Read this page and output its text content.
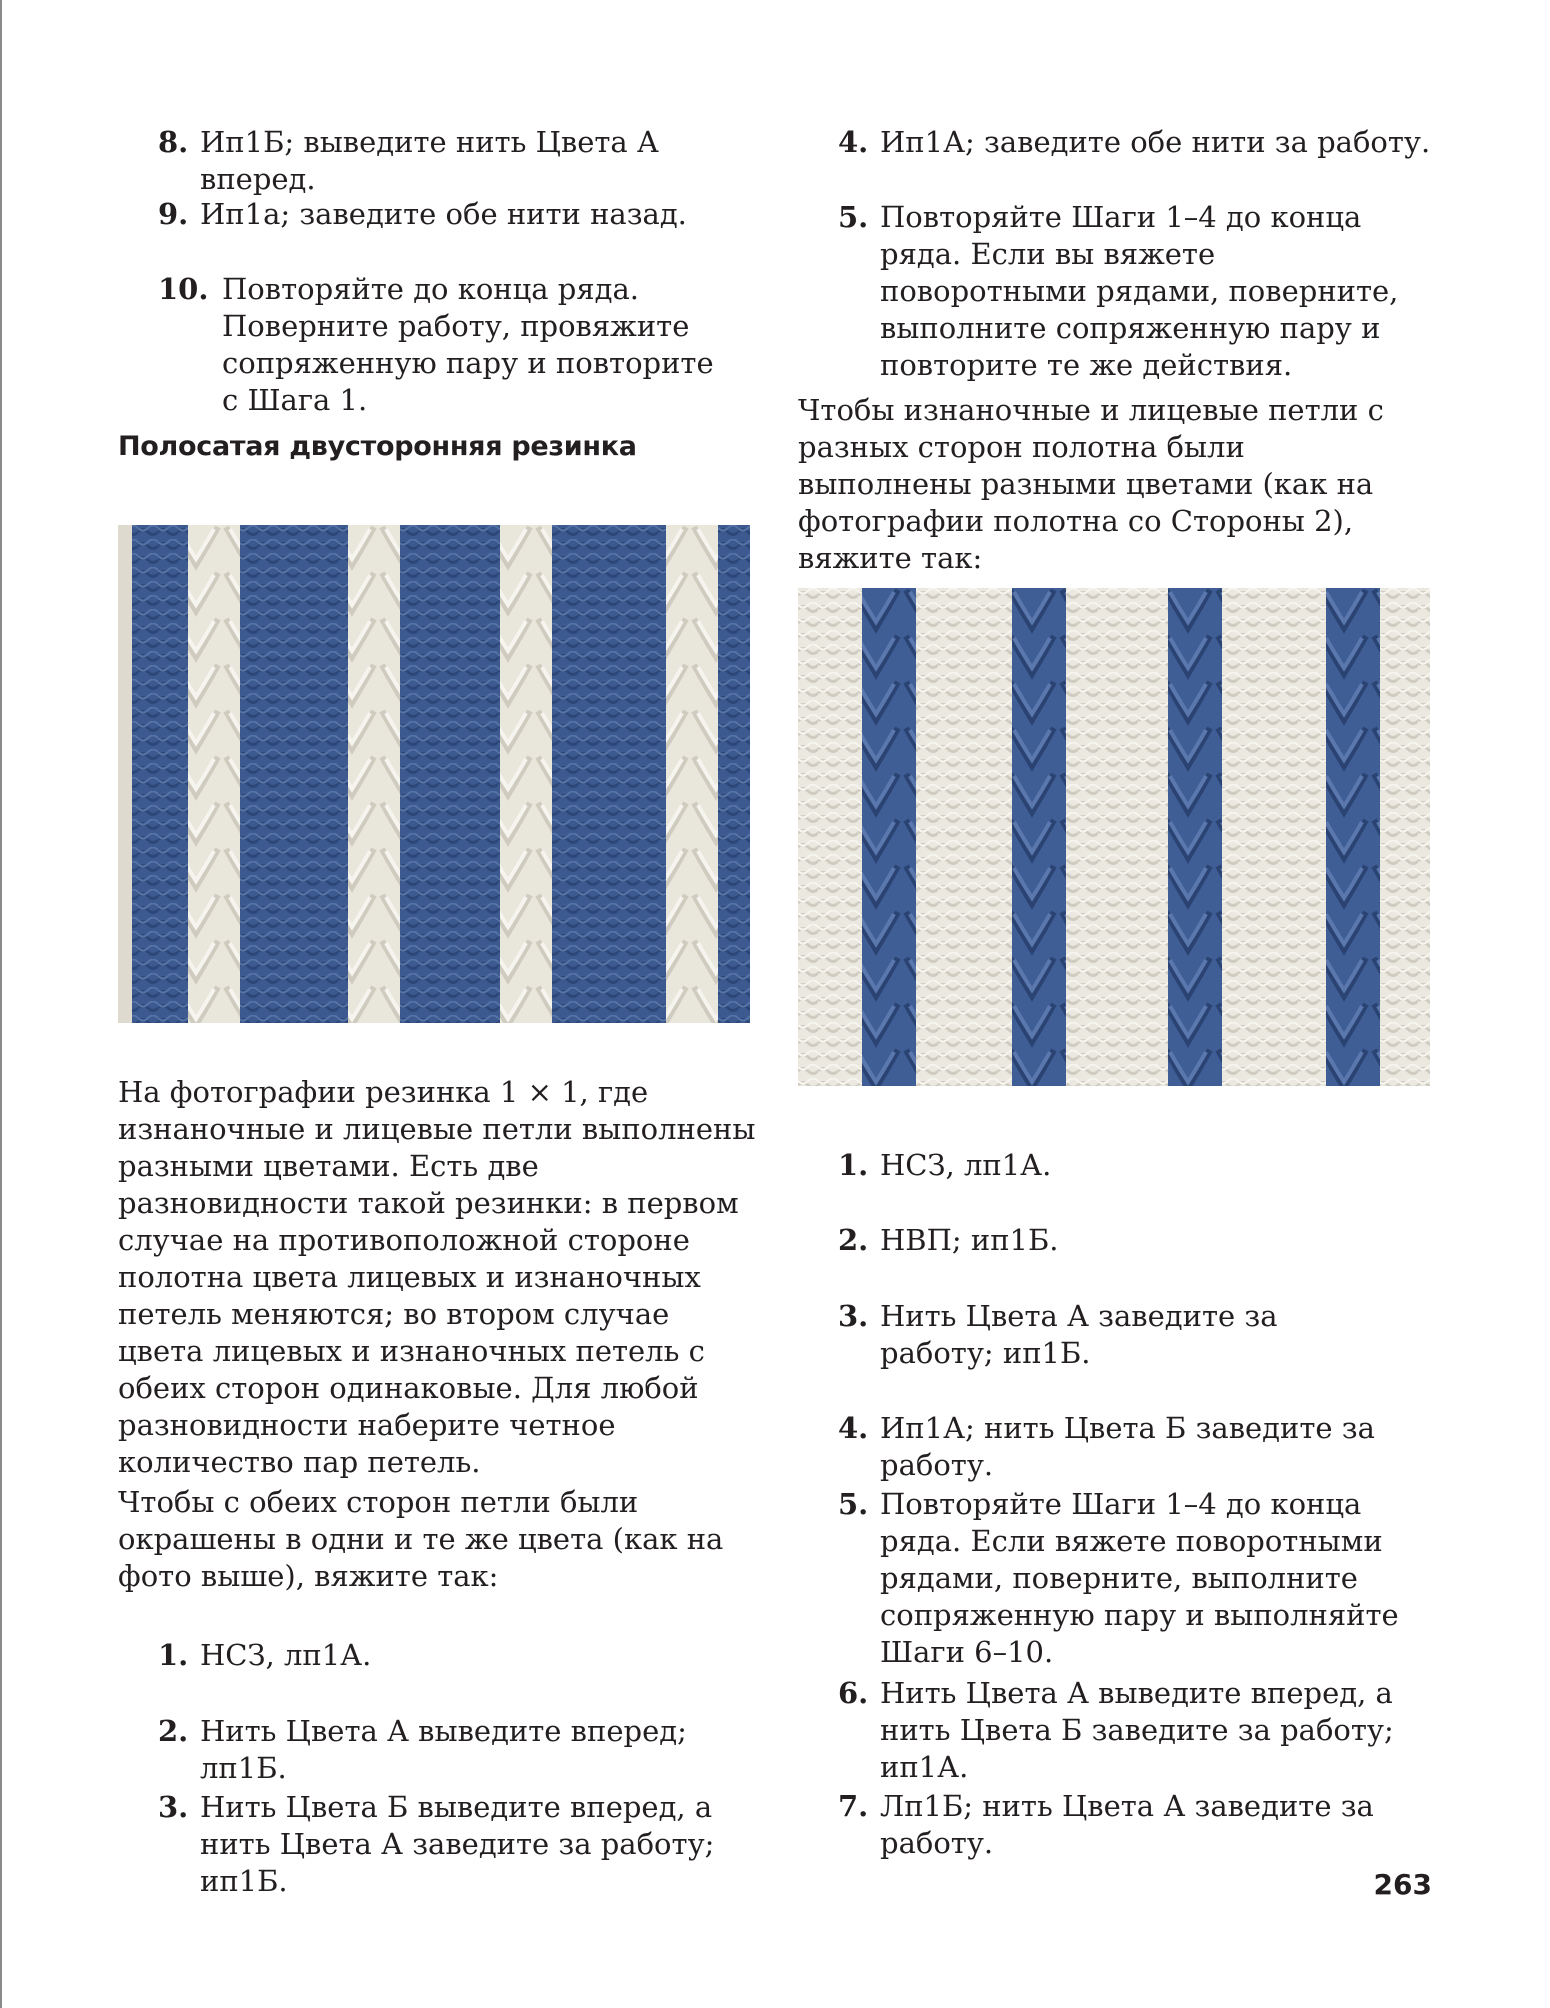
8. Ип1Б; выведите нить Цвета А вперед.
9. Ип1а; заведите обе нити назад.
10. Повторяйте до конца ряда. Поверните работу, провяжите сопряженную пару и повторите с Шага 1.
Полосатая двусторонняя резинка
На фотографии резинка 1 × 1, где изнаночные и лицевые петли выполнены разными цветами. Есть две разновидности такой резинки: в первом случае на противоположной стороне полотна цвета лицевых и изнаночных петель меняются; во втором случае цвета лицевых и изнаночных петель с обеих сторон одинаковые. Для любой разновидности наберите четное количество пар петель.
Чтобы с обеих сторон петли были окрашены в одни и те же цвета (как на фото выше), вяжите так:
1. НСЗ, лп1А.
2. Нить Цвета А выведите вперед; лп1Б.
3. Нить Цвета Б выведите вперед, а нить Цвета А заведите за работу; ип1Б.
4. Ип1А; заведите обе нити за работу.
5. Повторяйте Шаги 1–4 до конца ряда. Если вы вяжете поворотными рядами, поверните, выполните сопряженную пару и повторите те же действия.
Чтобы изнаночные и лицевые петли с разных сторон полотна были выполнены разными цветами (как на фотографии полотна со Стороны 2), вяжите так:
1. НСЗ, лп1А.
2. НВП; ип1Б.
3. Нить Цвета А заведите за работу; ип1Б.
4. Ип1А; нить Цвета Б заведите за работу.
5. Повторяйте Шаги 1–4 до конца ряда. Если вяжете поворотными рядами, поверните, выполните сопряженную пару и выполняйте Шаги 6–10.
6. Нить Цвета А выведите вперед, а нить Цвета Б заведите за работу; ип1А.
7. Лп1Б; нить Цвета А заведите за работу.
263
